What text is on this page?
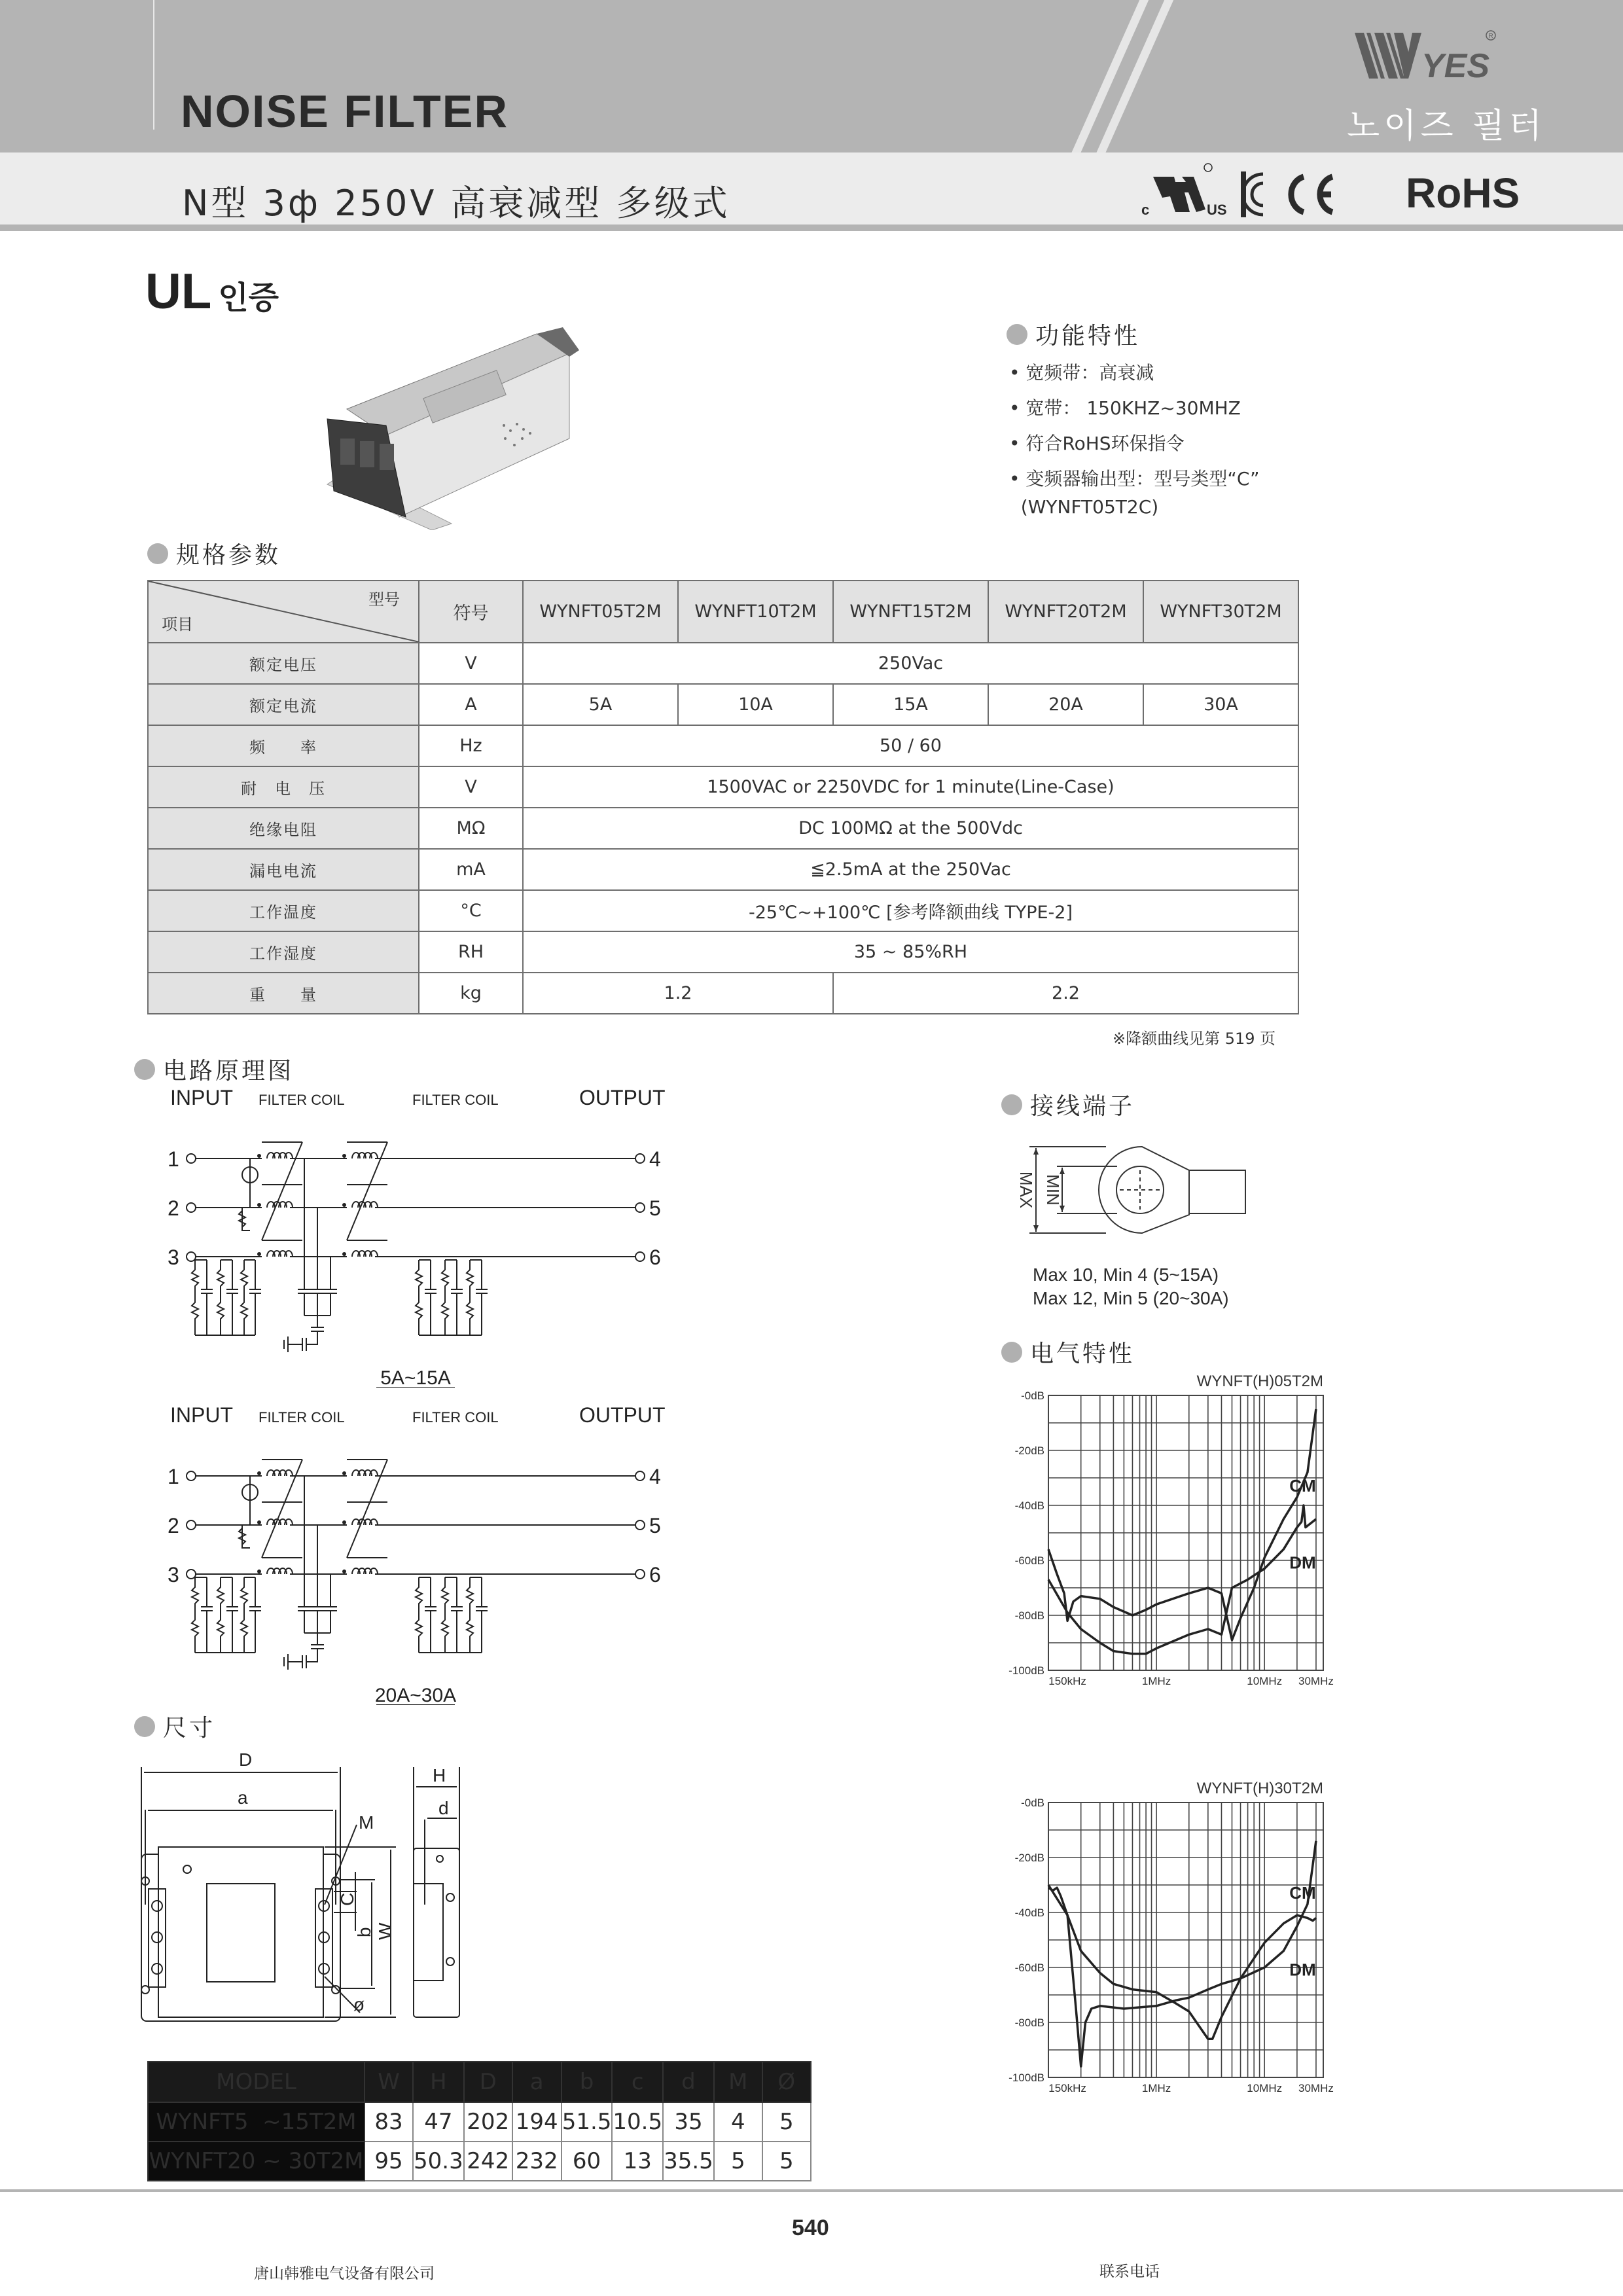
NOISE FILTER
N型 3ф 250V 高衰减型 多级式
YES
R
노이즈 필터
c	US	RoHS
UL 인증
功能特性
• 宽频带：高衰减
• 宽带： 150KHZ~30MHZ
• 符合RoHS环保指令
• 变频器输出型：型号类型“C”
(WYNFT05T2C)
规格参数
型号
项目	符号	WYNFT05T2M	WYNFT10T2M	WYNFT15T2M	WYNFT20T2M	WYNFT30T2M
额定电压	V	250Vac				
额定电流	A	5A	10A	15A	20A	30A
频　　率	Hz	50 / 60				
耐　电　压	V	1500VAC or 2250VDC for 1 minute(Line-Case)				
绝缘电阻	MΩ	DC 100MΩ at the 500Vdc				
漏电电流	mA	≦2.5mA at the 250Vac				
工作温度	°C	-25℃~+100℃ [参考降额曲线 TYPE-2]				
工作湿度	RH	35 ~ 85%RH				
重　　量	kg	1.2		2.2		
※降额曲线见第 519 页
电路原理图
INPUT FILTER COIL	FILTER COIL	OUTPUT
1	4
2	5
3	6
5A~15A
INPUT FILTER COIL	FILTER COIL	OUTPUT
1	4
2	5
3	6
20A~30A
接线端子
MAX MIN
Max 10, Min 4 (5~15A)
Max 12, Min 5 (20~30A)
电气特性
WYNFT(H)05T2M
-0dB
-20dB
-40dB
-60dB
-80dB
-100dB
150kHz	1MHz	10MHz 30MHz
CM
DM
WYNFT(H)30T2M
-0dB
-20dB
-40dB
-60dB
-80dB
-100dB
150kHz	1MHz	10MHz 30MHz
CM
DM
尺寸
D
a
M
C
b W
ø
H
d
MODEL	W	H	D	a	b	c	d	M	Ø
WYNFT5  ~15T2M	83	47	202	194	51.5	10.5	35	4	5
WYNFT20 ~ 30T2M	95	50.3	242	232	60	13	35.5	5	5
540
唐山韩雅电气设备有限公司	联系电话
